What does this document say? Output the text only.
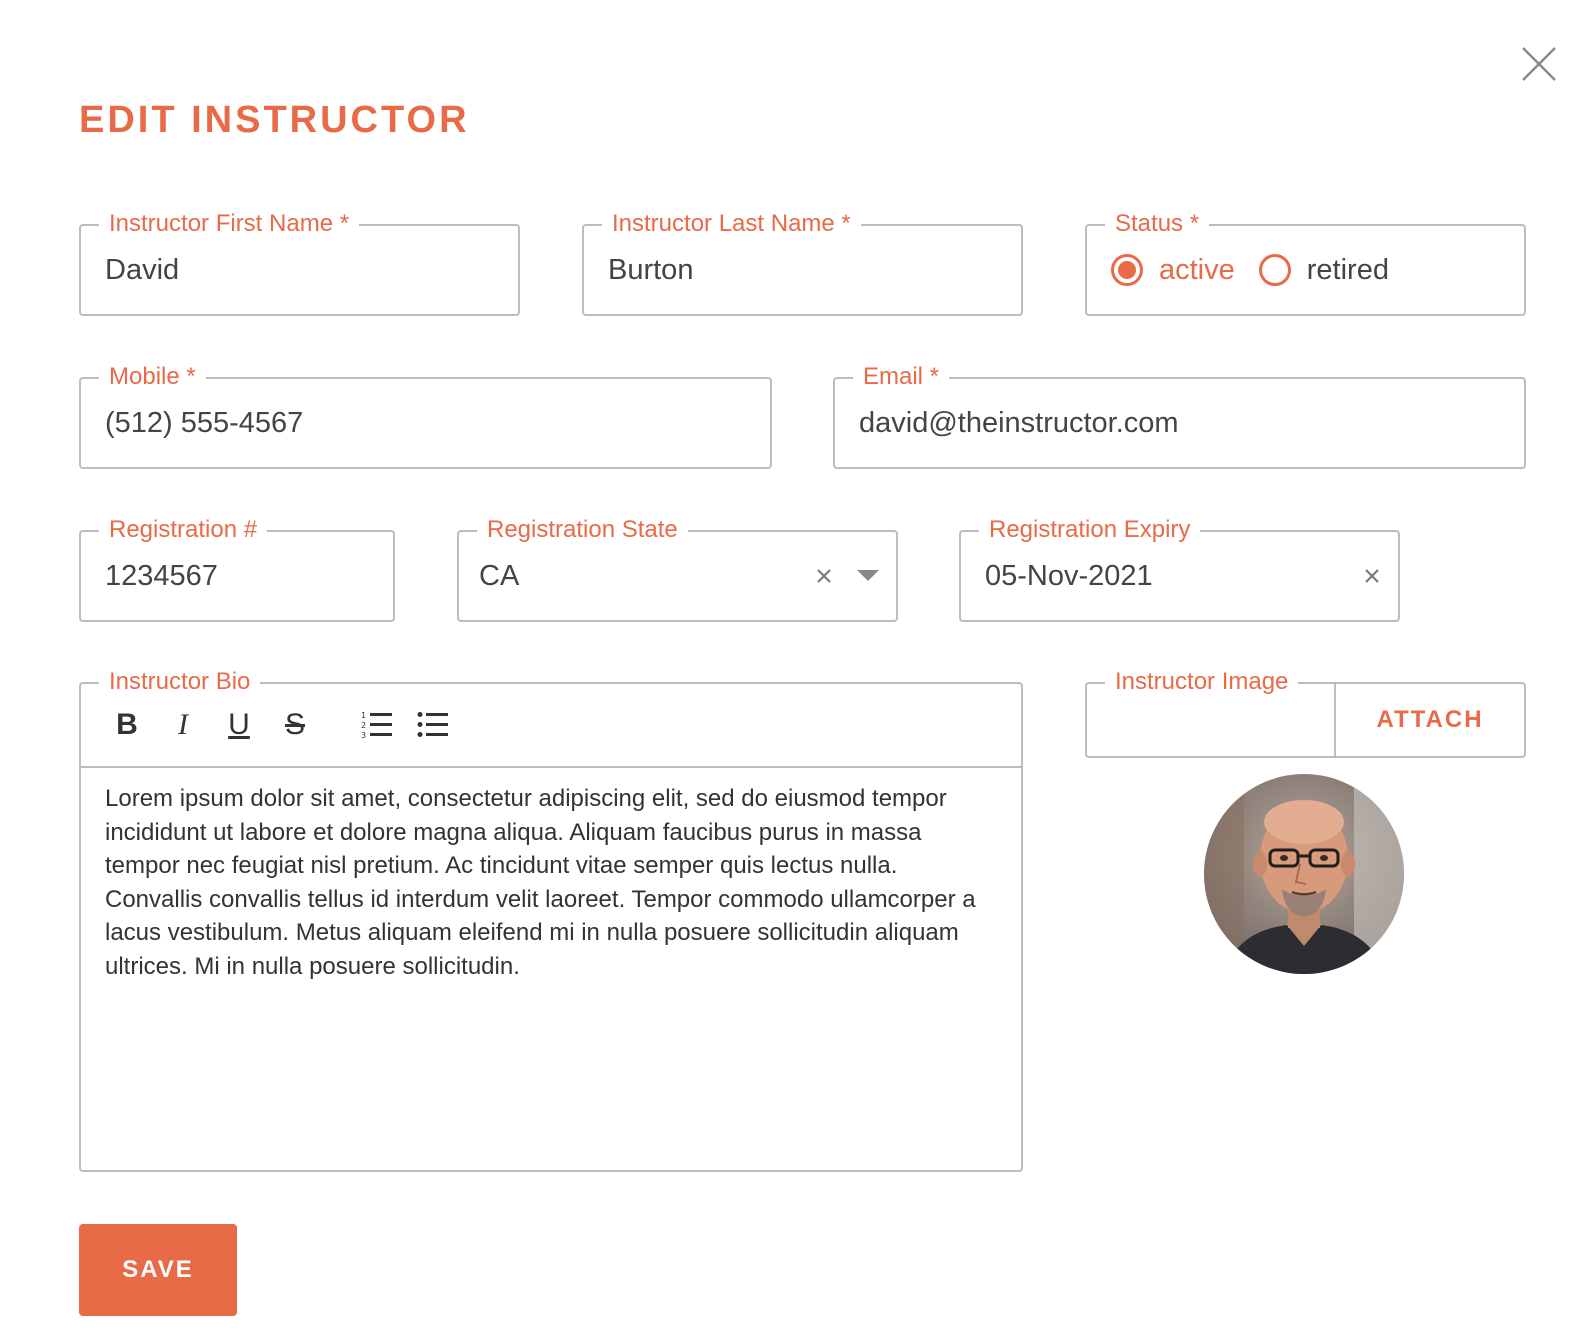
EDIT INSTRUCTOR
Instructor First Name *
David
Instructor Last Name *
Burton
Status *
active retired
Mobile *
(512) 555-4567
Email *
david@theinstructor.com
Registration #
1234567
Registration State
CA
Registration Expiry
05-Nov-2021
Instructor Bio
B	I	U S	1
2
3
Lorem ipsum dolor sit amet, consectetur adipiscing elit, sed do eiusmod tempor incididunt ut labore et dolore magna aliqua. Aliquam faucibus purus in massa tempor nec feugiat nisl pretium. Ac tincidunt vitae semper quis lectus nulla. Convallis convallis tellus id interdum velit laoreet. Tempor commodo ullamcorper a lacus vestibulum. Metus aliquam eleifend mi in nulla posuere sollicitudin aliquam ultrices. Mi in nulla posuere sollicitudin.
Instructor Image
ATTACH
SAVE
